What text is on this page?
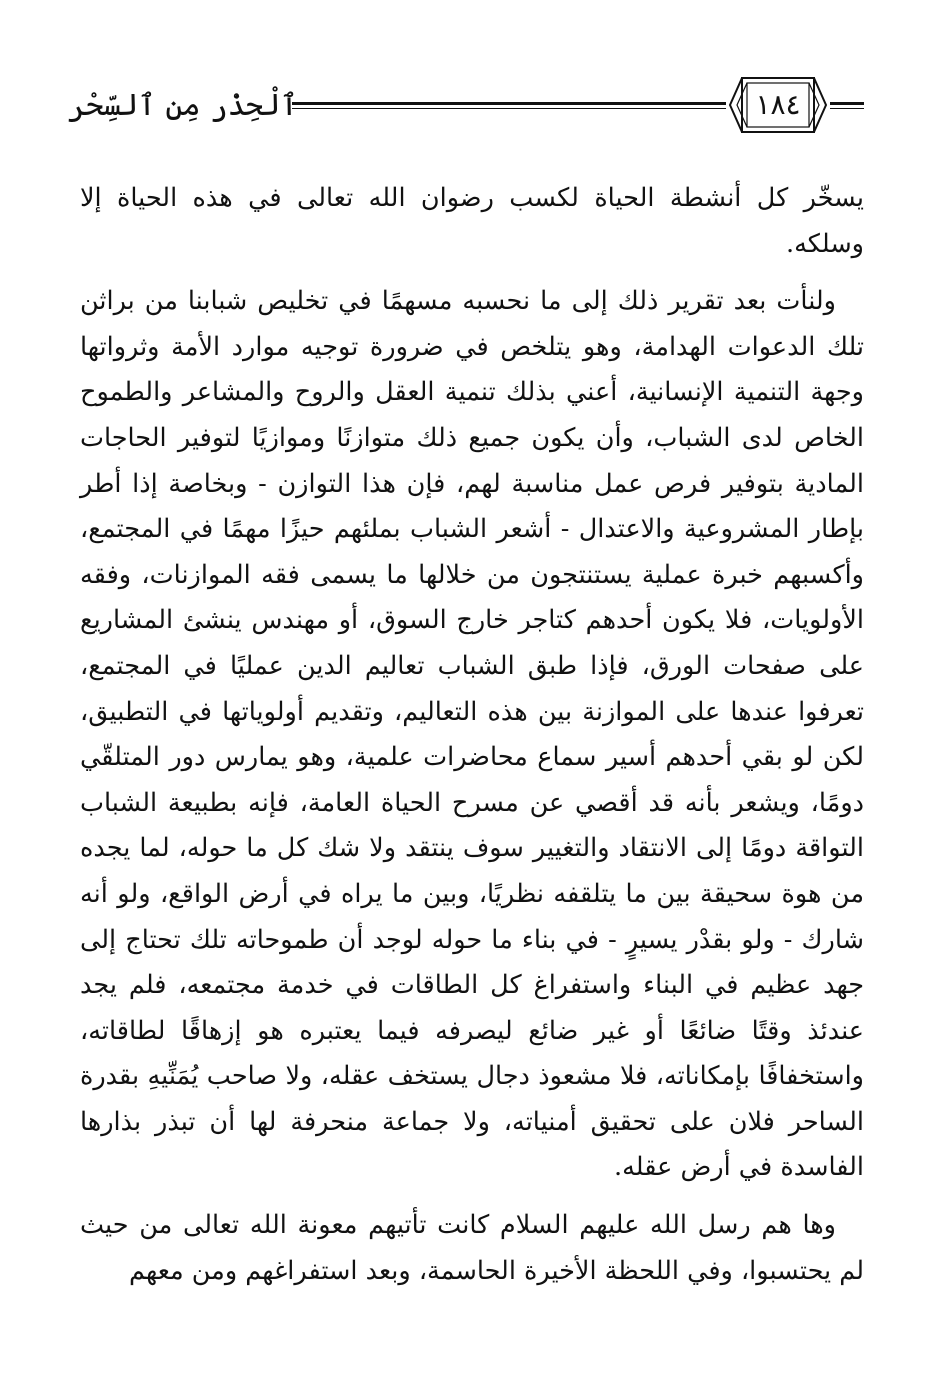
ٱلْحِذْر مِن ٱلسِّحْر	١٨٤

يسخّر كل أنشطة الحياة لكسب رضوان الله تعالى في هذه الحياة إلا وسلكه.

ولنأت بعد تقرير ذلك إلى ما نحسبه مسهمًا في تخليص شبابنا من براثن تلك الدعوات الهدامة، وهو يتلخص في ضرورة توجيه موارد الأمة وثرواتها وجهة التنمية الإنسانية، أعني بذلك تنمية العقل والروح والمشاعر والطموح الخاص لدى الشباب، وأن يكون جميع ذلك متوازنًا وموازيًا لتوفير الحاجات المادية بتوفير فرص عمل مناسبة لهم، فإن هذا التوازن - وبخاصة إذا أطر بإطار المشروعية والاعتدال - أشعر الشباب بملئهم حيزًا مهمًا في المجتمع، وأكسبهم خبرة عملية يستنتجون من خلالها ما يسمى فقه الموازنات، وفقه الأولويات، فلا يكون أحدهم كتاجر خارج السوق، أو مهندس ينشئ المشاريع على صفحات الورق، فإذا طبق الشباب تعاليم الدين عمليًا في المجتمع، تعرفوا عندها على الموازنة بين هذه التعاليم، وتقديم أولوياتها في التطبيق، لكن لو بقي أحدهم أسير سماع محاضرات علمية، وهو يمارس دور المتلقّي دومًا، ويشعر بأنه قد أقصي عن مسرح الحياة العامة، فإنه بطبيعة الشباب التواقة دومًا إلى الانتقاد والتغيير سوف ينتقد ولا شك كل ما حوله، لما يجده من هوة سحيقة بين ما يتلقفه نظريًا، وبين ما يراه في أرض الواقع، ولو أنه شارك - ولو بقدْر يسيرٍ - في بناء ما حوله لوجد أن طموحاته تلك تحتاج إلى جهد عظيم في البناء واستفراغ كل الطاقات في خدمة مجتمعه، فلم يجد عندئذ وقتًا ضائعًا أو غير ضائع ليصرفه فيما يعتبره هو إزهاقًا لطاقاته، واستخفافًا بإمكاناته، فلا مشعوذ دجال يستخف عقله، ولا صاحب يُمَنِّيهِ بقدرة الساحر فلان على تحقيق أمنياته، ولا جماعة منحرفة لها أن تبذر بذارها الفاسدة في أرض عقله.

وها هم رسل الله عليهم السلام كانت تأتيهم معونة الله تعالى من حيث لم يحتسبوا، وفي اللحظة الأخيرة الحاسمة، وبعد استفراغهم ومن معهم
